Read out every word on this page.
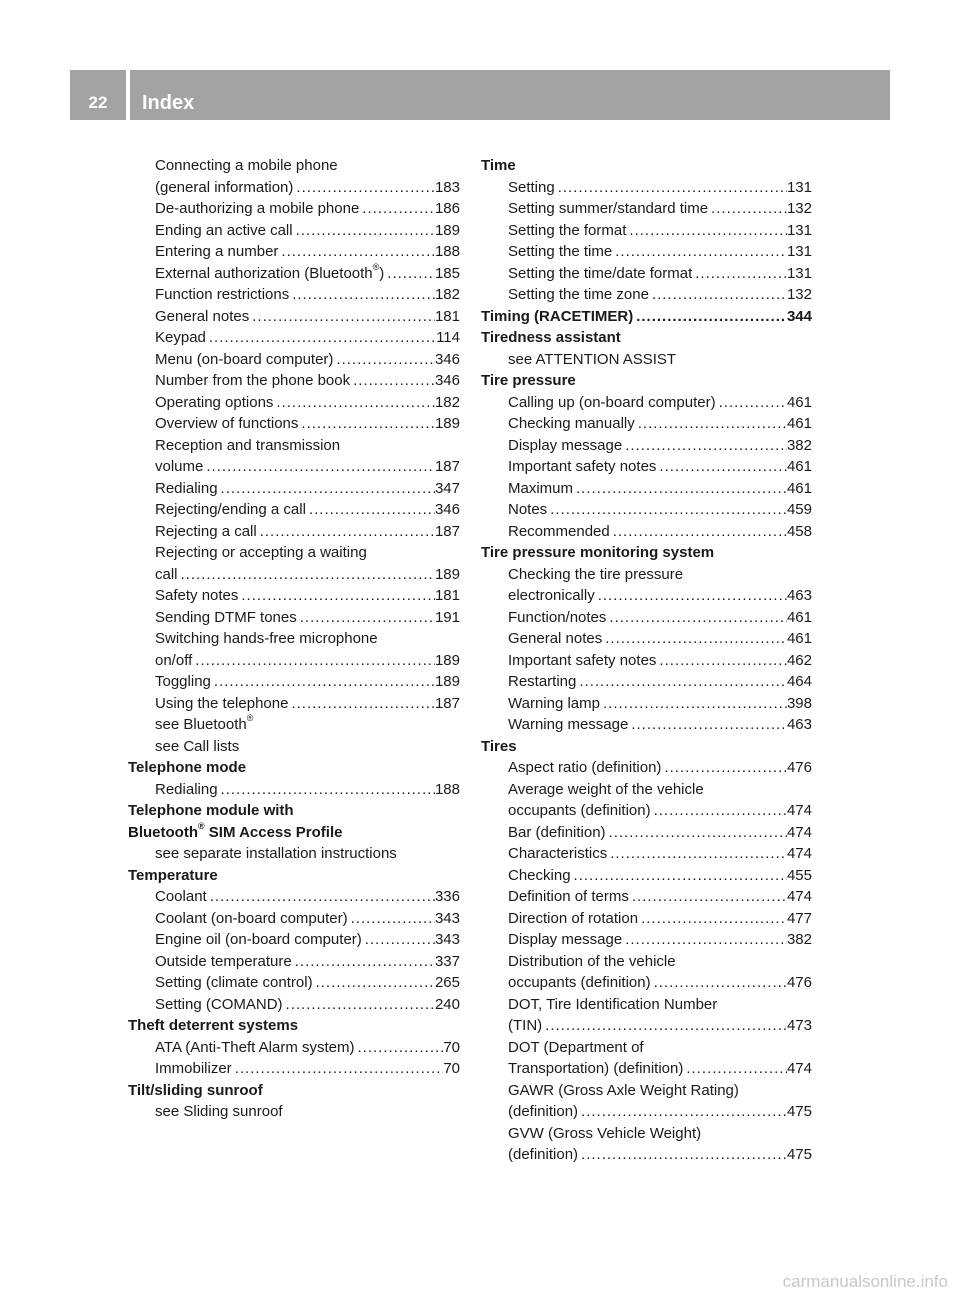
22	Index
Connecting a mobile phone
(general information) .....	183
De-authorizing a mobile phone .....	186
Ending an active call .....	189
Entering a number .....	188
External authorization (Bluetooth®) .....	185
Function restrictions .....	182
General notes .....	181
Keypad .....	114
Menu (on-board computer) .....	346
Number from the phone book .....	346
Operating options .....	182
Overview of functions .....	189
Reception and transmission
volume .....	187
Redialing .....	347
Rejecting/ending a call .....	346
Rejecting a call .....	187
Rejecting or accepting a waiting
call .....	189
Safety notes .....	181
Sending DTMF tones .....	191
Switching hands-free microphone
on/off .....	189
Toggling .....	189
Using the telephone .....	187
see Bluetooth®
see Call lists
Telephone mode
Redialing .....	188
Telephone module with
Bluetooth® SIM Access Profile
see separate installation instructions
Temperature
Coolant .....	336
Coolant (on-board computer) .....	343
Engine oil (on-board computer) .....	343
Outside temperature .....	337
Setting (climate control) .....	265
Setting (COMAND) .....	240
Theft deterrent systems
ATA (Anti-Theft Alarm system) .....	70
Immobilizer .....	70
Tilt/sliding sunroof
see Sliding sunroof
Time
Setting .....	131
Setting summer/standard time .....	132
Setting the format .....	131
Setting the time .....	131
Setting the time/date format .....	131
Setting the time zone .....	132
Timing (RACETIMER) .....	344
Tiredness assistant
see ATTENTION ASSIST
Tire pressure
Calling up (on-board computer) .....	461
Checking manually .....	461
Display message .....	382
Important safety notes .....	461
Maximum .....	461
Notes .....	459
Recommended .....	458
Tire pressure monitoring system
Checking the tire pressure
electronically .....	463
Function/notes .....	461
General notes .....	461
Important safety notes .....	462
Restarting .....	464
Warning lamp .....	398
Warning message .....	463
Tires
Aspect ratio (definition) .....	476
Average weight of the vehicle
occupants (definition) .....	474
Bar (definition) .....	474
Characteristics .....	474
Checking .....	455
Definition of terms .....	474
Direction of rotation .....	477
Display message .....	382
Distribution of the vehicle
occupants (definition) .....	476
DOT, Tire Identification Number
(TIN) .....	473
DOT (Department of
Transportation) (definition) .....	474
GAWR (Gross Axle Weight Rating)
(definition) .....	475
GVW (Gross Vehicle Weight)
(definition) .....	475
carmanualsonline.info
